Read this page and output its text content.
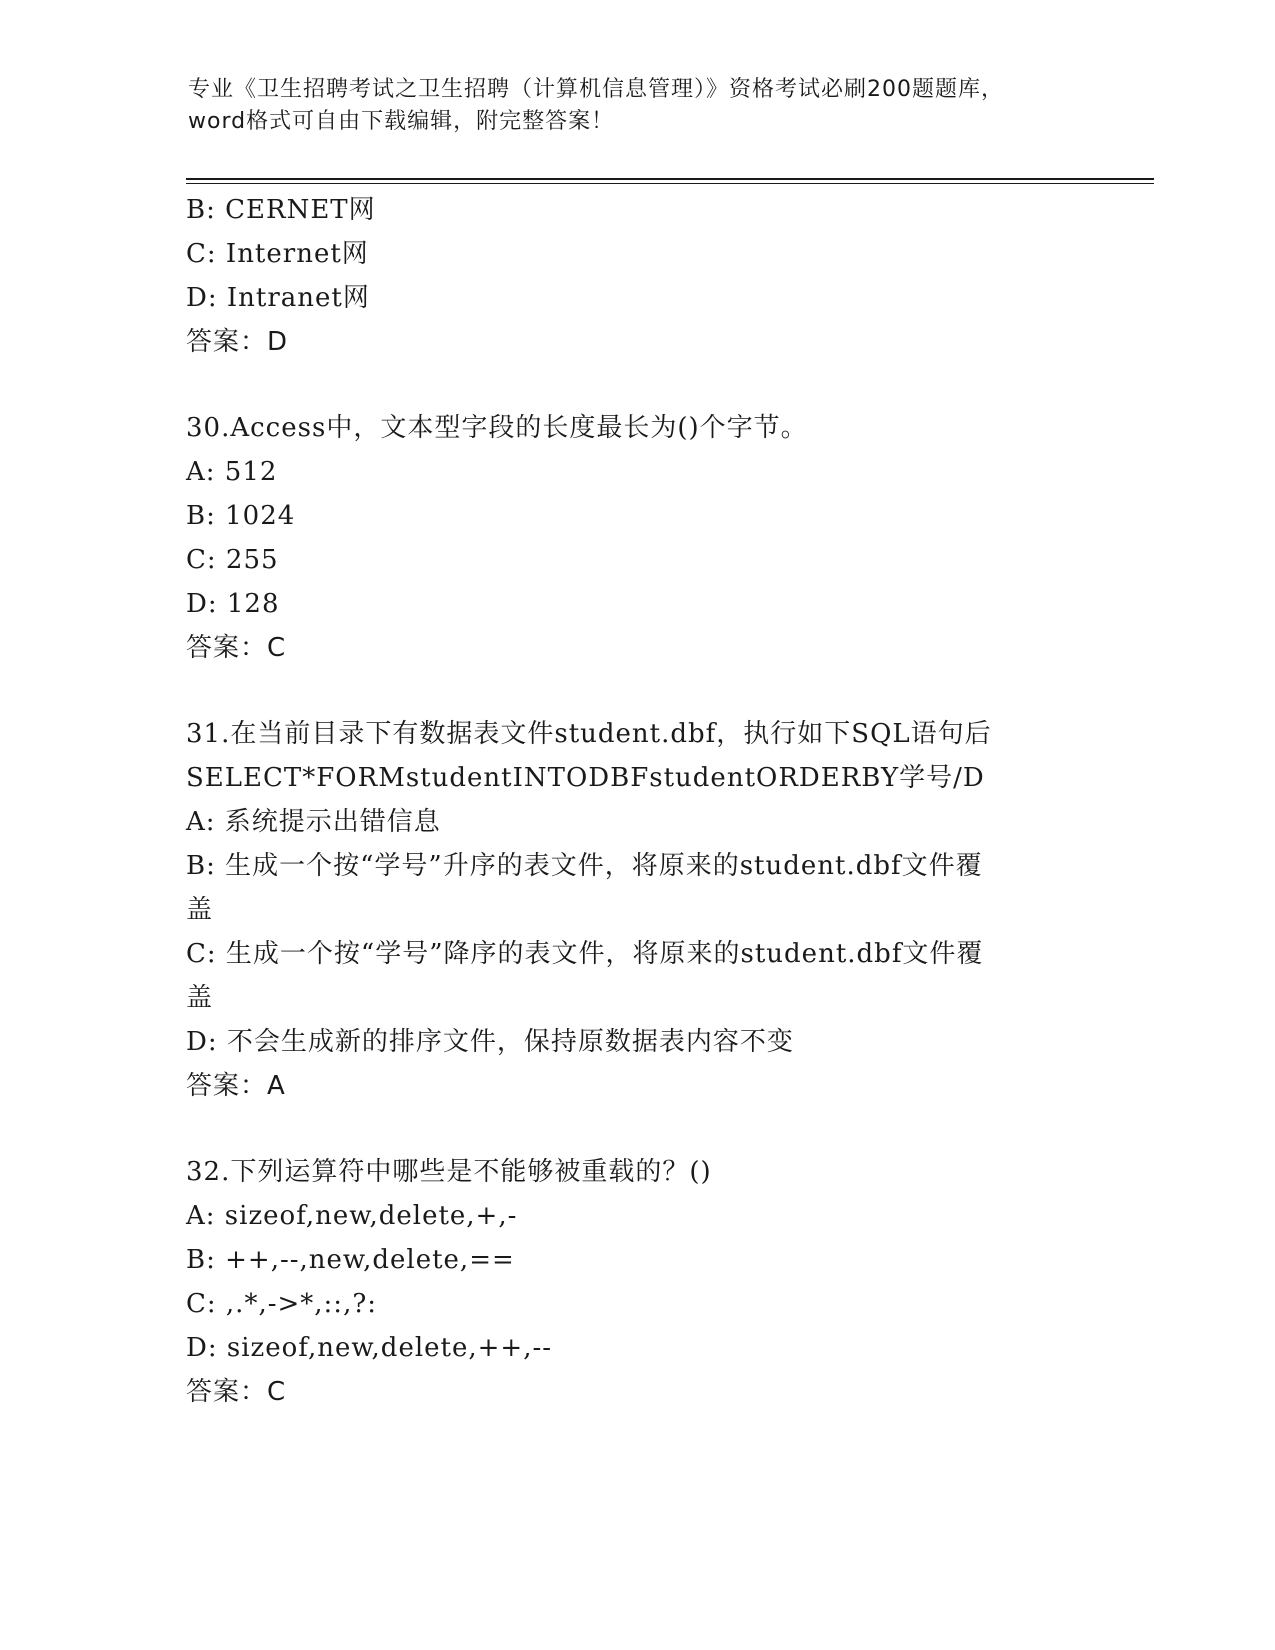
专业《卫生招聘考试之卫生招聘（计算机信息管理）》资格考试必刷200题题库，
word格式可自由下载编辑，附完整答案！
B: CERNET网
C: Internet网
D: Intranet网
答案：D
30.Access中，文本型字段的长度最长为()个字节。
A: 512
B: 1024
C: 255
D: 128
答案：C
31.在当前目录下有数据表文件student.dbf，执行如下SQL语句后
SELECT*FORMstudentINTODBFstudentORDERBY学号/D
A: 系统提示出错信息
B: 生成一个按“学号”升序的表文件，将原来的student.dbf文件覆
盖
C: 生成一个按“学号”降序的表文件，将原来的student.dbf文件覆
盖
D: 不会生成新的排序文件，保持原数据表内容不变
答案：A
32.下列运算符中哪些是不能够被重载的？()
A: sizeof,new,delete,+,-
B: ++,--,new,delete,==
C: ,.*,->*,::,?:
D: sizeof,new,delete,++,--
答案：C
